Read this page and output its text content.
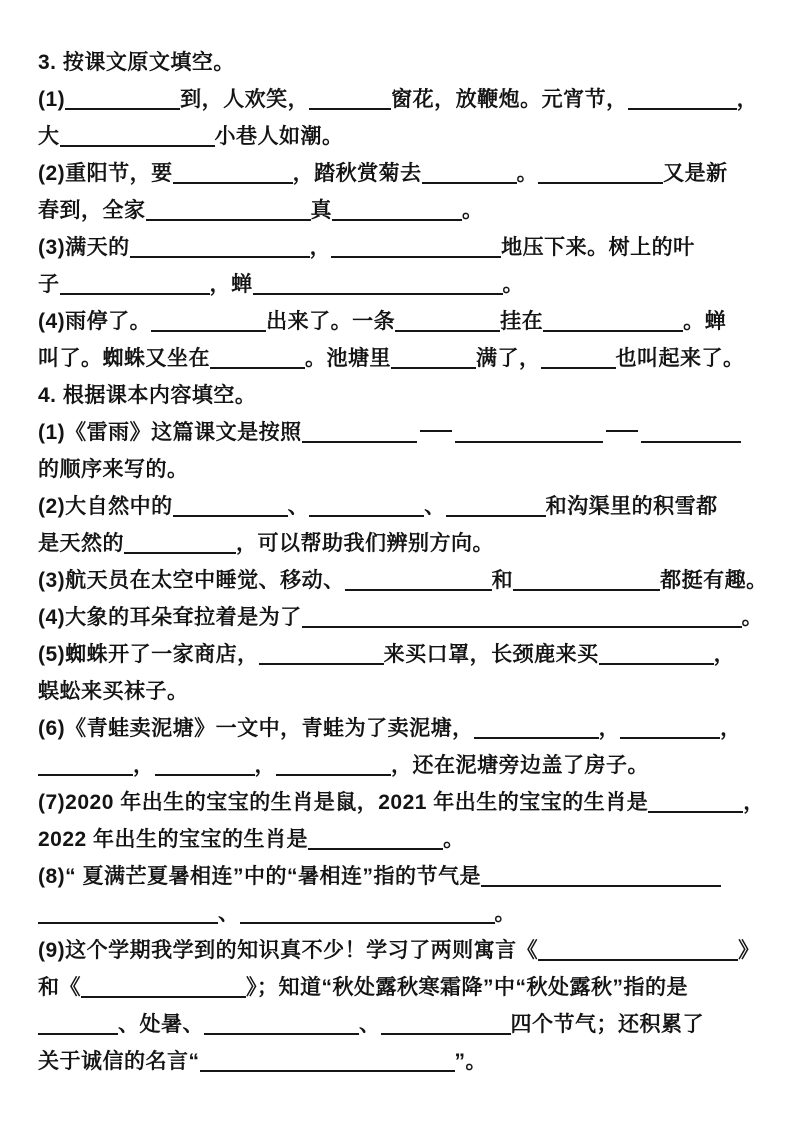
3. 按课文原文填空。

(1)	到，人欢笑，	窗花，放鞭炮。元宵节，	，

大	小巷人如潮。

(2)重阳节，要	，踏秋赏菊去	。	又是新

春到，全家	真	。

(3)满天的	，	地压下来。树上的叶

子	，蝉	。

(4)雨停了。	出来了。一条	挂在	。蝉

叫了。蜘蛛又坐在	。池塘里	满了，	也叫起来了。

4. 根据课本内容填空。

(1)《雷雨》这篇课文是按照

的顺序来写的。

(2)大自然中的	、	、	和沟渠里的积雪都

是天然的	，可以帮助我们辨别方向。

(3)航天员在太空中睡觉、移动、	和	都挺有趣。

(4)大象的耳朵耷拉着是为了	。

(5)蜘蛛开了一家商店，	来买口罩，长颈鹿来买	，

蜈蚣来买袜子。

(6)《青蛙卖泥塘》一文中，青蛙为了卖泥塘，	，	，

，	，	，还在泥塘旁边盖了房子。

(7)2020 年出生的宝宝的生肖是鼠，2021 年出生的宝宝的生肖是	，

2022 年出生的宝宝的生肖是	。

(8)“ 夏满芒夏暑相连”中的“暑相连”指的节气是

、	。

(9)这个学期我学到的知识真不少！学习了两则寓言《	》

和《	》；知道“秋处露秋寒霜降”中“秋处露秋”指的是

、处暑、	、	四个节气；还积累了

关于诚信的名言“	”。
